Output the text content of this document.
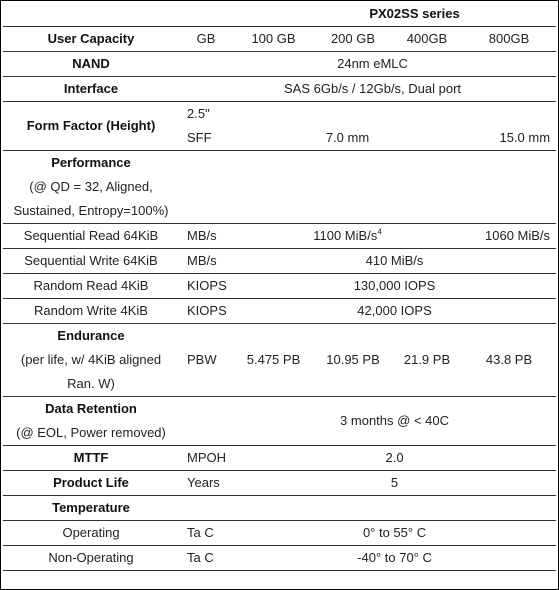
		PX02SS series			
User Capacity	GB	100 GB	200 GB	400GB	800GB
NAND	24nm eMLC				
Interface	SAS 6Gb/s / 12Gb/s, Dual port				
Form Factor (Height)	2.5"
SFF	7.0 mm			15.0 mm

Performance
(@ QD = 32, Aligned,
Sustained, Entropy=100%)					

Sequential Read 64KiB	MB/s	1100 MiB/$s^4$			1060 MiB/s
Sequential Write 64KiB	MB/s	410 MiB/s			
Random Read 4KiB	KIOPS	130,000 IOPS			
Random Write 4KiB	KIOPS	42,000 IOPS			

Endurance
(per life, w/ 4KiB aligned
Ran. W)	PBW	5.475 PB	10.95 PB	21.9 PB	43.8 PB

Data Retention
(@ EOL, Power removed)		3 months @ < 40C			
MTTF	MPOH	2.0			
Product Life	Years	5			
Temperature					
Operating	Ta C	0° to 55° C			
Non-Operating	Ta C	-40° to 70° C			
